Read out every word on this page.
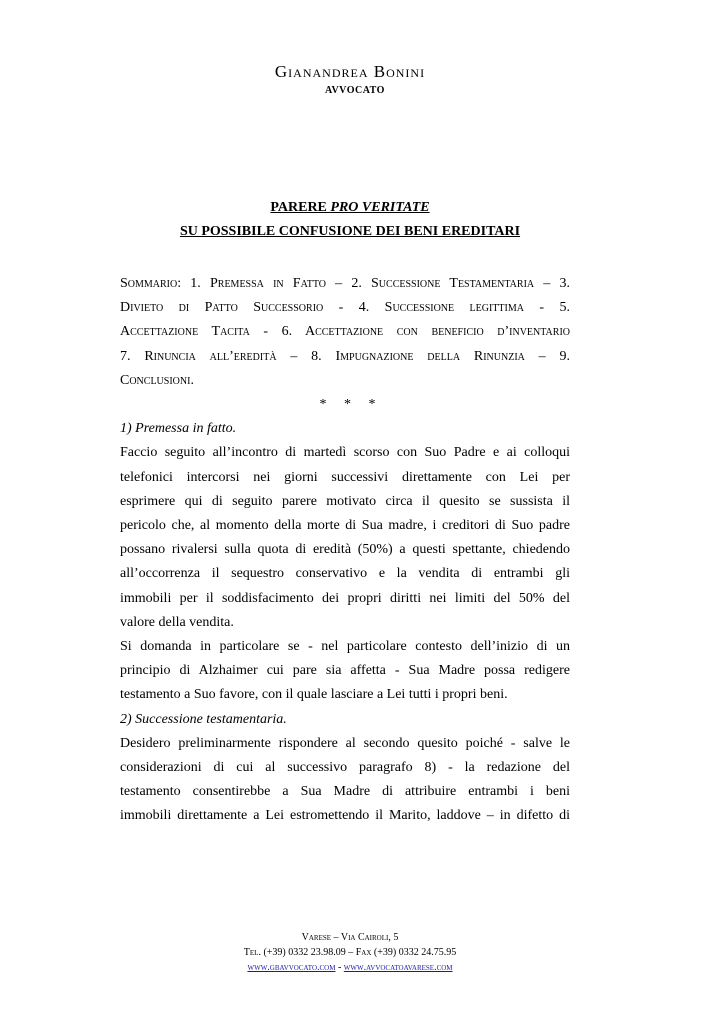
Gianandrea Bonini
AVVOCATO
PARERE PRO VERITATE
SU POSSIBILE CONFUSIONE DEI BENI EREDITARI

Sommario: 1. Premessa in Fatto – 2. Successione Testamentaria – 3.

Divieto di Patto Successorio - 4. Successione legittima - 5.

Accettazione Tacita - 6. Accettazione con beneficio d’inventario

7. Rinuncia all’eredità – 8. Impugnazione della Rinunzia – 9.

Conclusioni.

* * *

1) Premessa in fatto.

Faccio seguito all’incontro di martedì scorso con Suo Padre e ai colloqui

telefonici intercorsi nei giorni successivi direttamente con Lei per

esprimere qui di seguito parere motivato circa il quesito se sussista il

pericolo che, al momento della morte di Sua madre, i creditori di Suo padre

possano rivalersi sulla quota di eredità (50%) a questi spettante, chiedendo

all’occorrenza il sequestro conservativo e la vendita di entrambi gli

immobili per il soddisfacimento dei propri diritti nei limiti del 50% del

valore della vendita.

Si domanda in particolare se - nel particolare contesto dell’inizio di un

principio di Alzhaimer cui pare sia affetta - Sua Madre possa redigere

testamento a Suo favore, con il quale lasciare a Lei tutti i propri beni.

2) Successione testamentaria.

Desidero preliminarmente rispondere al secondo quesito poiché - salve le

considerazioni di cui al successivo paragrafo 8) - la redazione del

testamento consentirebbe a Sua Madre di attribuire entrambi i beni

immobili direttamente a Lei estromettendo il Marito, laddove – in difetto di

Varese – Via Cairoli, 5
Tel. (+39) 0332 23.98.09 – Fax (+39) 0332 24.75.95
www.gbavvocato.com - www.avvocatoavarese.com
